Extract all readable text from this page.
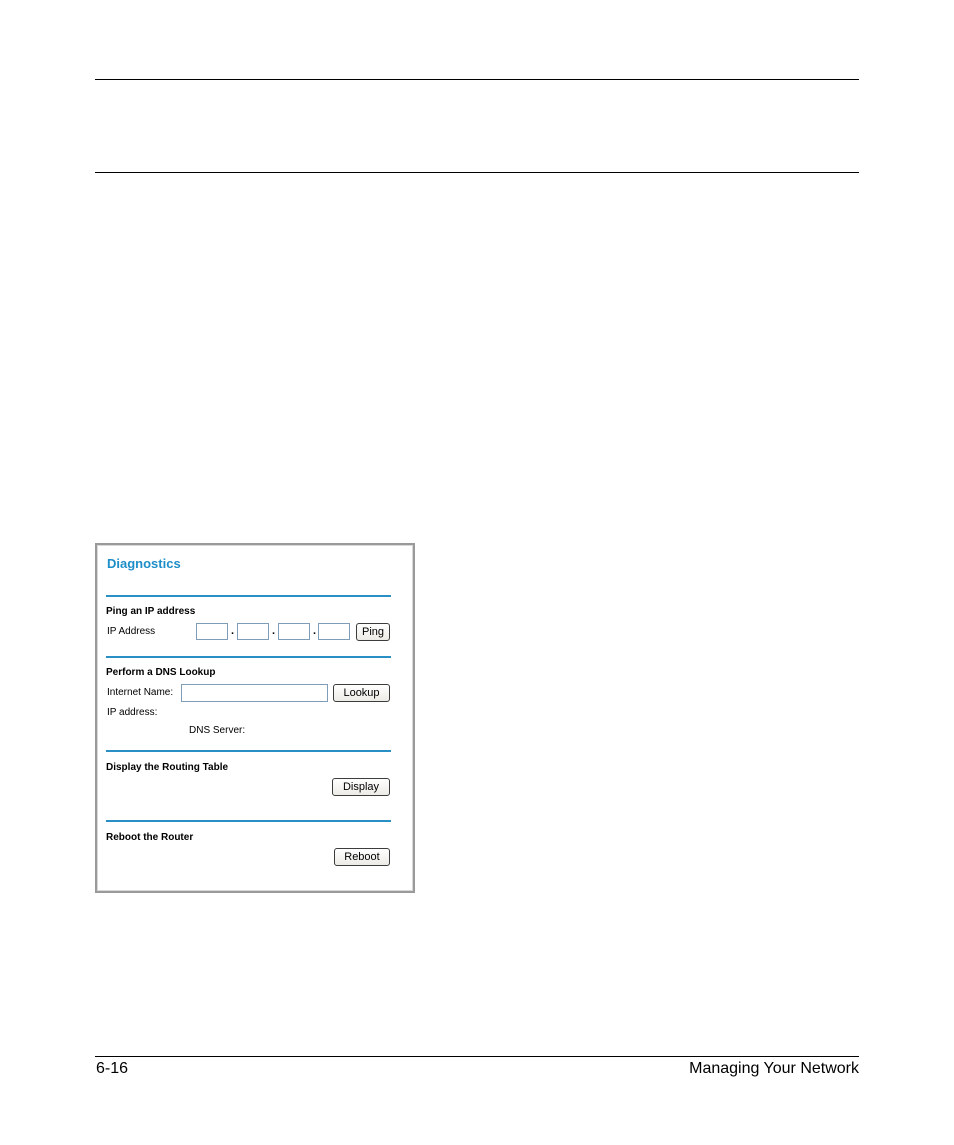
Diagnostics
Ping an IP address
IP Address	.	.	.	Ping
Perform a DNS Lookup
Internet Name:	Lookup
IP address:
DNS Server:
Display the Routing Table
Display
Reboot the Router
Reboot
6-16	Managing Your Network
